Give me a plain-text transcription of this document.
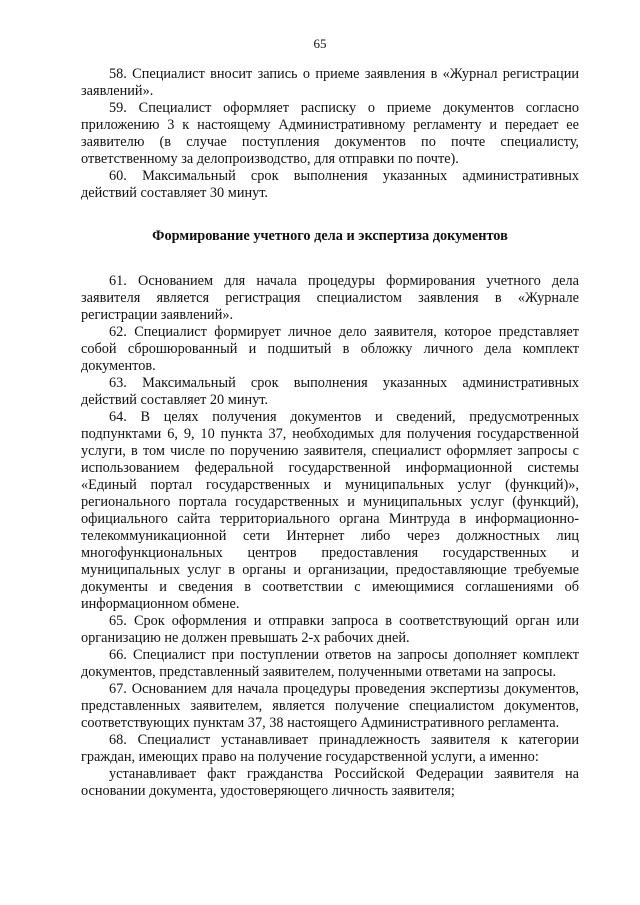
65

58. Специалист вносит запись о приеме заявления в «Журнал регистрации заявлений».

59. Специалист оформляет расписку о приеме документов согласно приложению 3 к настоящему Административному регламенту и передает ее заявителю (в случае поступления документов по почте специалисту, ответственному за делопроизводство, для отправки по почте).

60. Максимальный срок выполнения указанных административных действий составляет 30 минут.

Формирование учетного дела и экспертиза документов

61. Основанием для начала процедуры формирования учетного дела заявителя является регистрация специалистом заявления в «Журнале регистрации заявлений».

62. Специалист формирует личное дело заявителя, которое представляет собой сброшюрованный и подшитый в обложку личного дела комплект документов.

63. Максимальный срок выполнения указанных административных действий составляет 20 минут.

64. В целях получения документов и сведений, предусмотренных подпунктами 6, 9, 10 пункта 37, необходимых для получения государственной услуги, в том числе по поручению заявителя, специалист оформляет запросы с использованием федеральной государственной информационной системы «Единый портал государственных и муниципальных услуг (функций)», регионального портала государственных и муниципальных услуг (функций), официального сайта территориального органа Минтруда в информационно-телекоммуникационной сети Интернет либо через должностных лиц многофункциональных центров предоставления государственных и муниципальных услуг в органы и организации, предоставляющие требуемые документы и сведения в соответствии с имеющимися соглашениями об информационном обмене.

65. Срок оформления и отправки запроса в соответствующий орган или организацию не должен превышать 2-х рабочих дней.

66. Специалист при поступлении ответов на запросы дополняет комплект документов, представленный заявителем, полученными ответами на запросы.

67. Основанием для начала процедуры проведения экспертизы документов, представленных заявителем, является получение специалистом документов, соответствующих пунктам 37, 38 настоящего Административного регламента.

68. Специалист устанавливает принадлежность заявителя к категории граждан, имеющих право на получение государственной услуги, а именно:

устанавливает факт гражданства Российской Федерации заявителя на основании документа, удостоверяющего личность заявителя;
